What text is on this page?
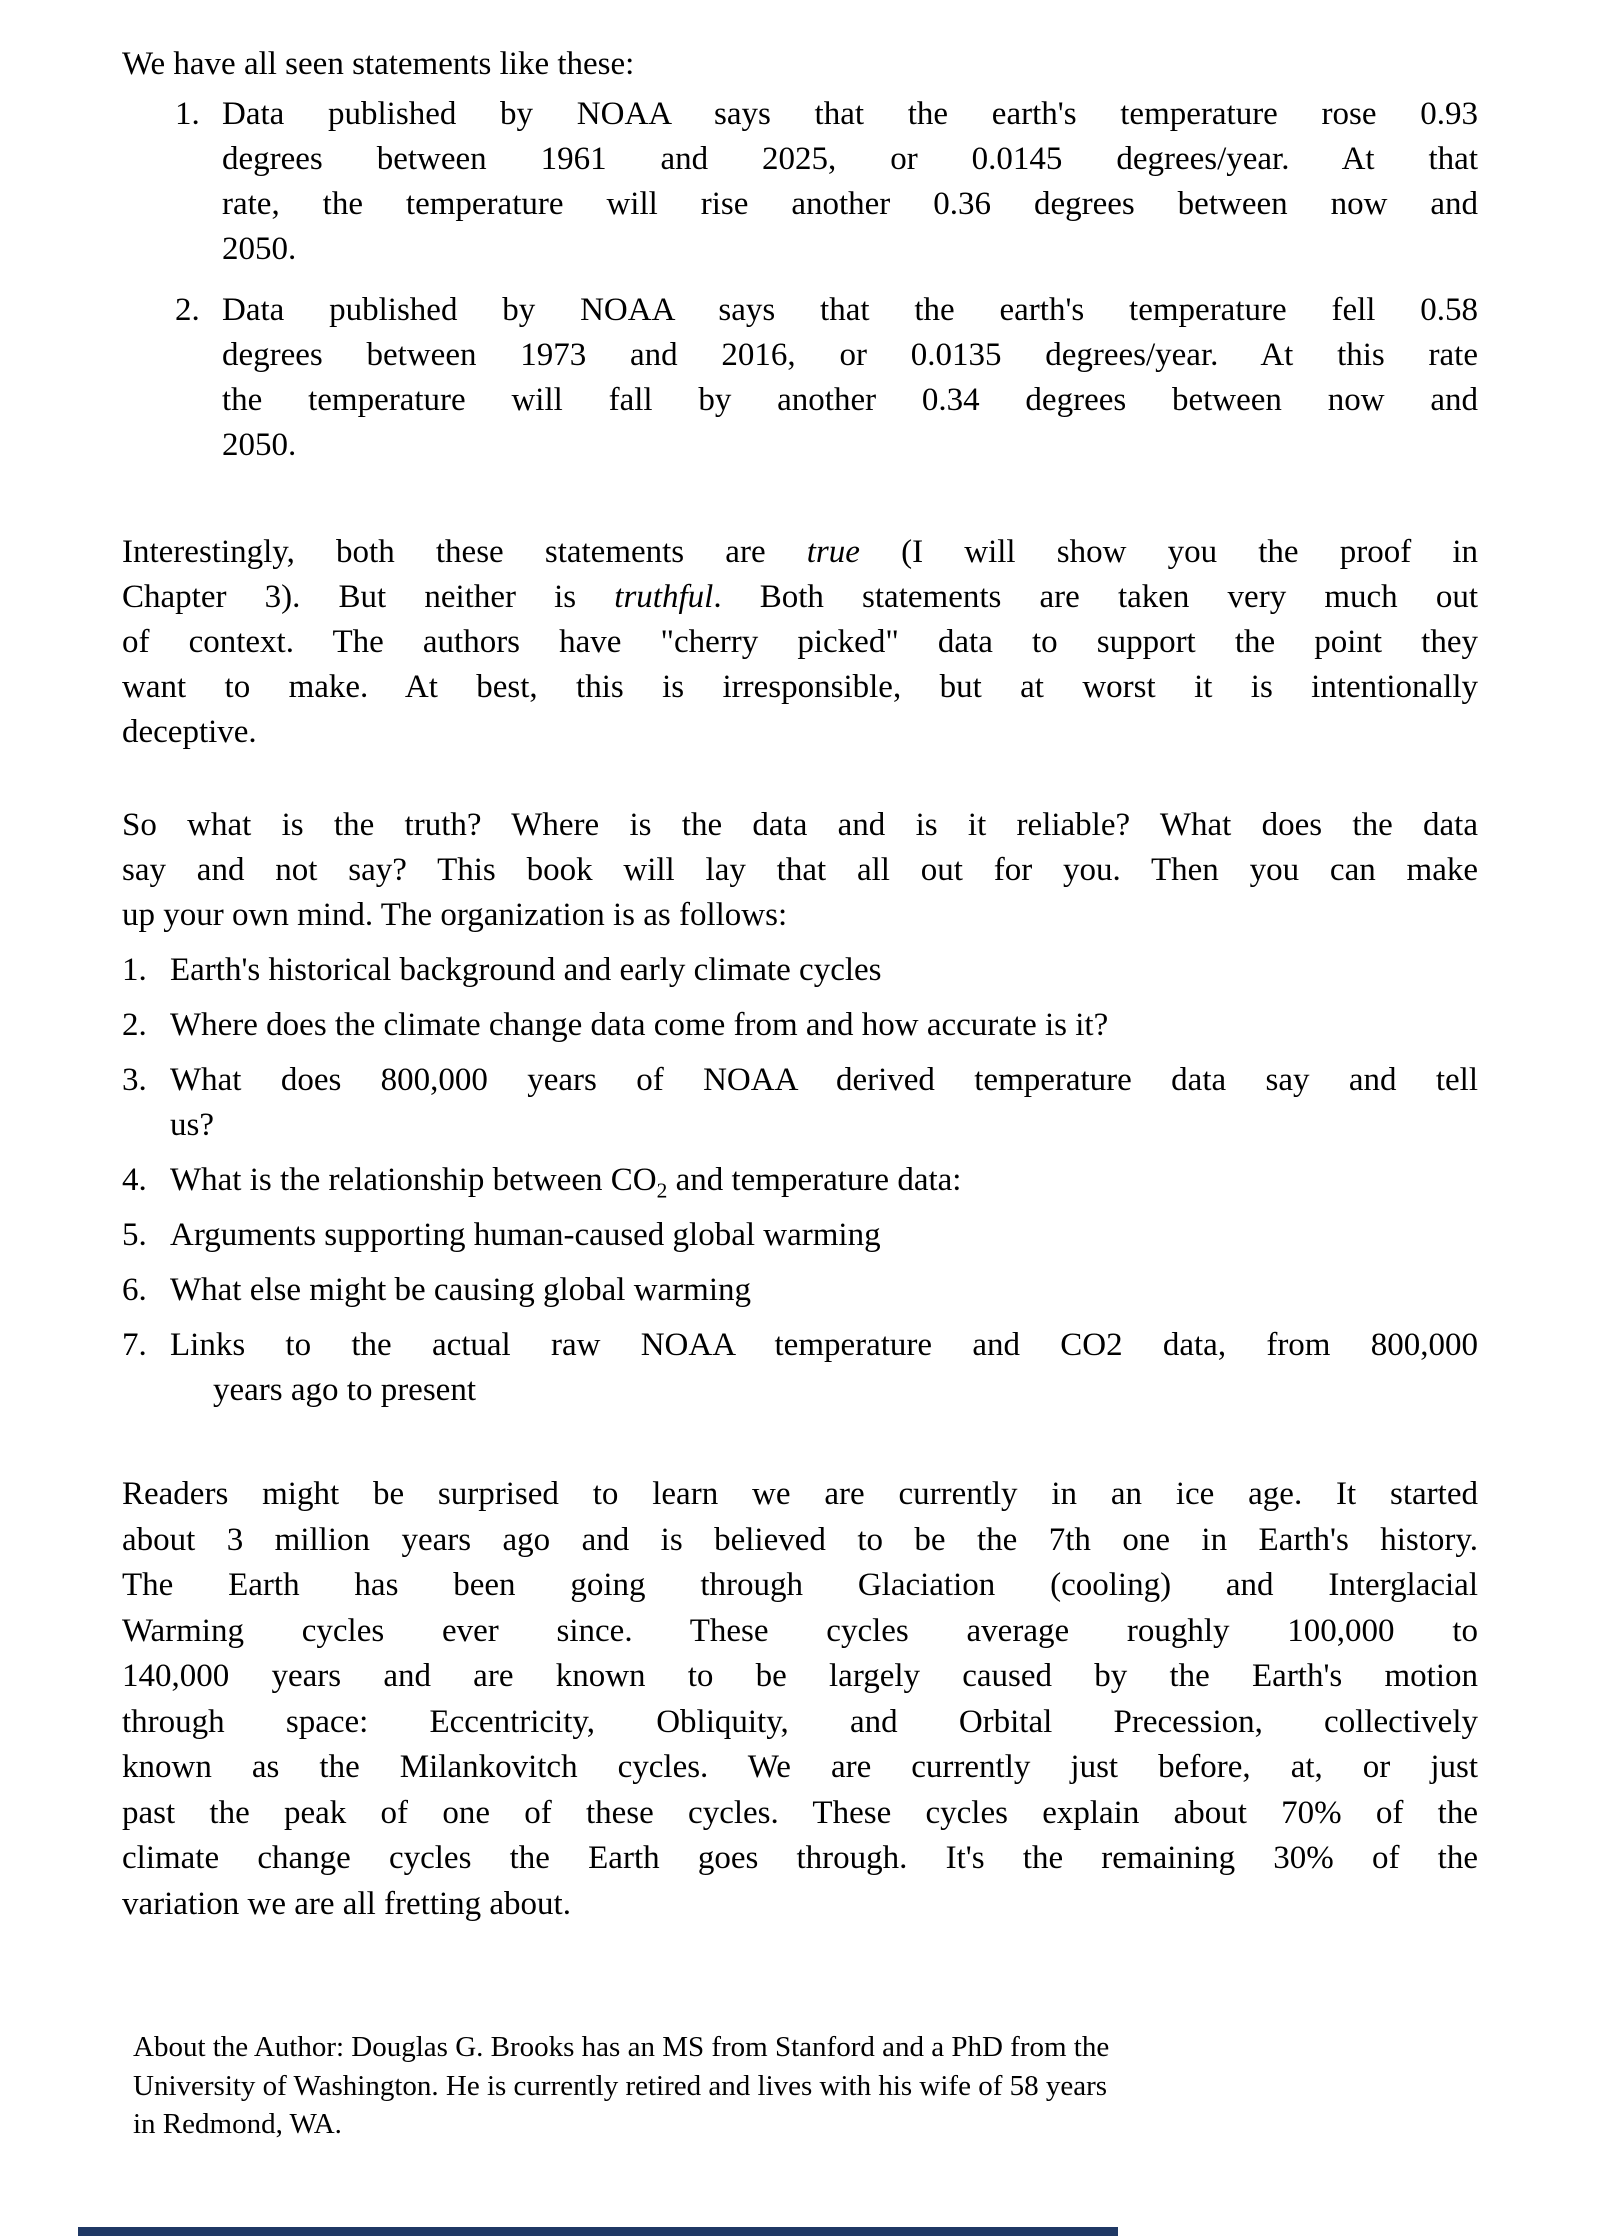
We have all seen statements like these:
1. Data published by NOAA says that the earth's temperature rose 0.93
degrees between 1961 and 2025, or 0.0145 degrees/year. At that
rate, the temperature will rise another 0.36 degrees between now and
2050.
2. Data published by NOAA says that the earth's temperature fell 0.58
degrees between 1973 and 2016, or 0.0135 degrees/year. At this rate
the temperature will fall by another 0.34 degrees between now and
2050.
Interestingly, both these statements are true (I will show you the proof in
Chapter 3). But neither is truthful. Both statements are taken very much out
of context. The authors have "cherry picked" data to support the point they
want to make. At best, this is irresponsible, but at worst it is intentionally
deceptive.
So what is the truth? Where is the data and is it reliable? What does the data
say and not say? This book will lay that all out for you. Then you can make
up your own mind. The organization is as follows:
1. Earth's historical background and early climate cycles
2. Where does the climate change data come from and how accurate is it?
3. What does 800,000 years of NOAA derived temperature data say and tell
us?
4. What is the relationship between $CO_2$ and temperature data:
5. Arguments supporting human-caused global warming
6. What else might be causing global warming
7. Links to the actual raw NOAA temperature and CO2 data, from 800,000
years ago to present
Readers might be surprised to learn we are currently in an ice age. It started
about 3 million years ago and is believed to be the 7th one in Earth's history.
The Earth has been going through Glaciation (cooling) and Interglacial
Warming cycles ever since. These cycles average roughly 100,000 to
140,000 years and are known to be largely caused by the Earth's motion
through space: Eccentricity, Obliquity, and Orbital Precession, collectively
known as the Milankovitch cycles. We are currently just before, at, or just
past the peak of one of these cycles. These cycles explain about 70% of the
climate change cycles the Earth goes through. It's the remaining 30% of the
variation we are all fretting about.
About the Author: Douglas G. Brooks has an MS from Stanford and a PhD from the
University of Washington. He is currently retired and lives with his wife of 58 years
in Redmond, WA.
